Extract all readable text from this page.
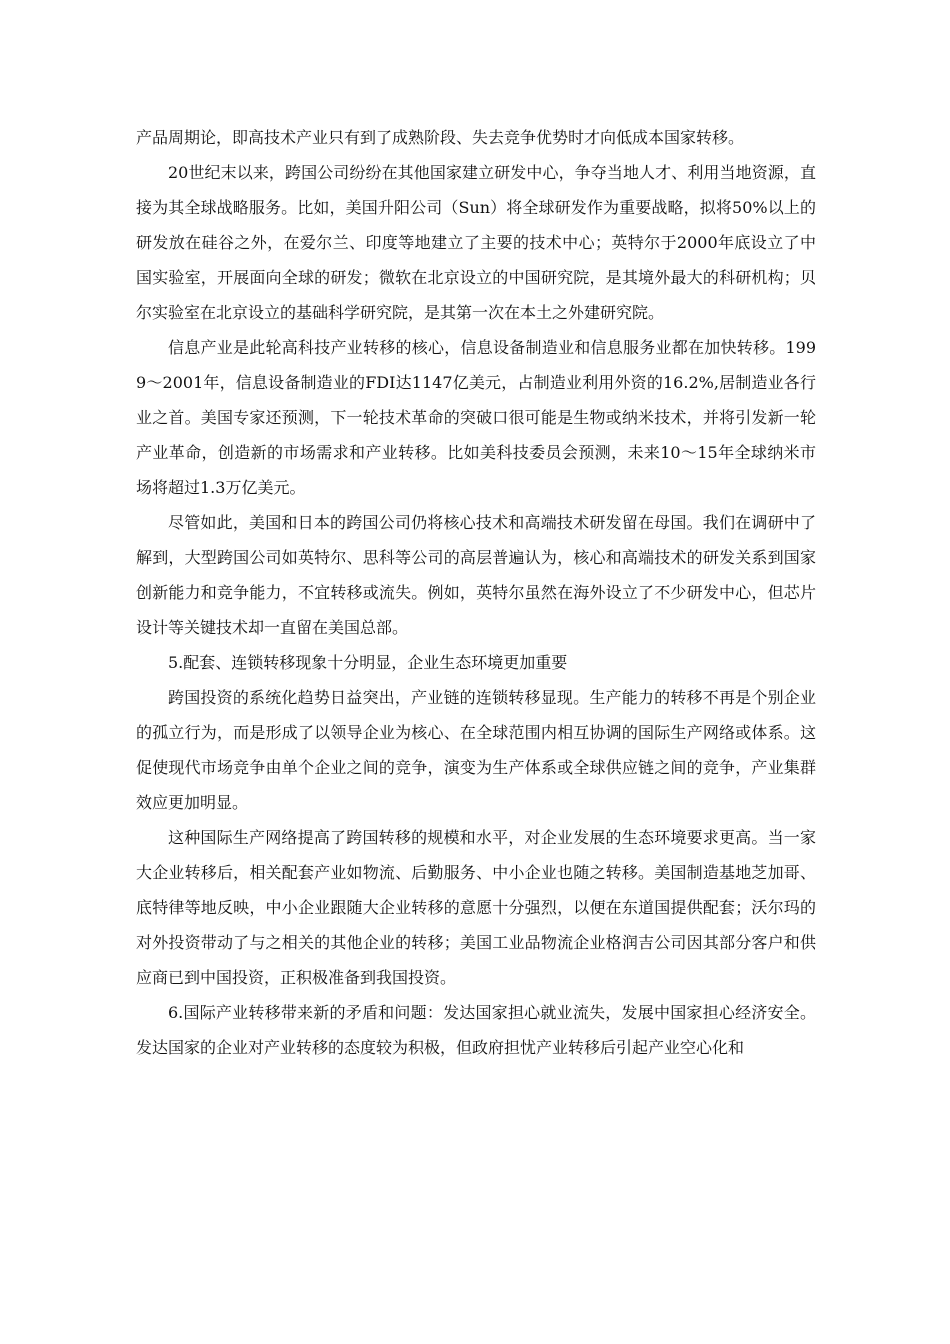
产品周期论，即高技术产业只有到了成熟阶段、失去竞争优势时才向低成本国家转移。

20世纪末以来，跨国公司纷纷在其他国家建立研发中心，争夺当地人才、利用当地资源，直接为其全球战略服务。比如，美国升阳公司（Sun）将全球研发作为重要战略，拟将50%以上的研发放在硅谷之外，在爱尔兰、印度等地建立了主要的技术中心；英特尔于2000年底设立了中国实验室，开展面向全球的研发；微软在北京设立的中国研究院，是其境外最大的科研机构；贝尔实验室在北京设立的基础科学研究院，是其第一次在本土之外建研究院。

信息产业是此轮高科技产业转移的核心，信息设备制造业和信息服务业都在加快转移。1999～2001年，信息设备制造业的FDI达1147亿美元，占制造业利用外资的16.2%,居制造业各行业之首。美国专家还预测，下一轮技术革命的突破口很可能是生物或纳米技术，并将引发新一轮产业革命，创造新的市场需求和产业转移。比如美科技委员会预测，未来10～15年全球纳米市场将超过1.3万亿美元。

尽管如此，美国和日本的跨国公司仍将核心技术和高端技术研发留在母国。我们在调研中了解到，大型跨国公司如英特尔、思科等公司的高层普遍认为，核心和高端技术的研发关系到国家创新能力和竞争能力，不宜转移或流失。例如，英特尔虽然在海外设立了不少研发中心，但芯片设计等关键技术却一直留在美国总部。

5.配套、连锁转移现象十分明显，企业生态环境更加重要

跨国投资的系统化趋势日益突出，产业链的连锁转移显现。生产能力的转移不再是个别企业的孤立行为，而是形成了以领导企业为核心、在全球范围内相互协调的国际生产网络或体系。这促使现代市场竞争由单个企业之间的竞争，演变为生产体系或全球供应链之间的竞争，产业集群效应更加明显。

这种国际生产网络提高了跨国转移的规模和水平，对企业发展的生态环境要求更高。当一家大企业转移后，相关配套产业如物流、后勤服务、中小企业也随之转移。美国制造基地芝加哥、底特律等地反映，中小企业跟随大企业转移的意愿十分强烈，以便在东道国提供配套；沃尔玛的对外投资带动了与之相关的其他企业的转移；美国工业品物流企业格润吉公司因其部分客户和供应商已到中国投资，正积极准备到我国投资。

6.国际产业转移带来新的矛盾和问题：发达国家担心就业流失，发展中国家担心经济安全。发达国家的企业对产业转移的态度较为积极，但政府担忧产业转移后引起产业空心化和
